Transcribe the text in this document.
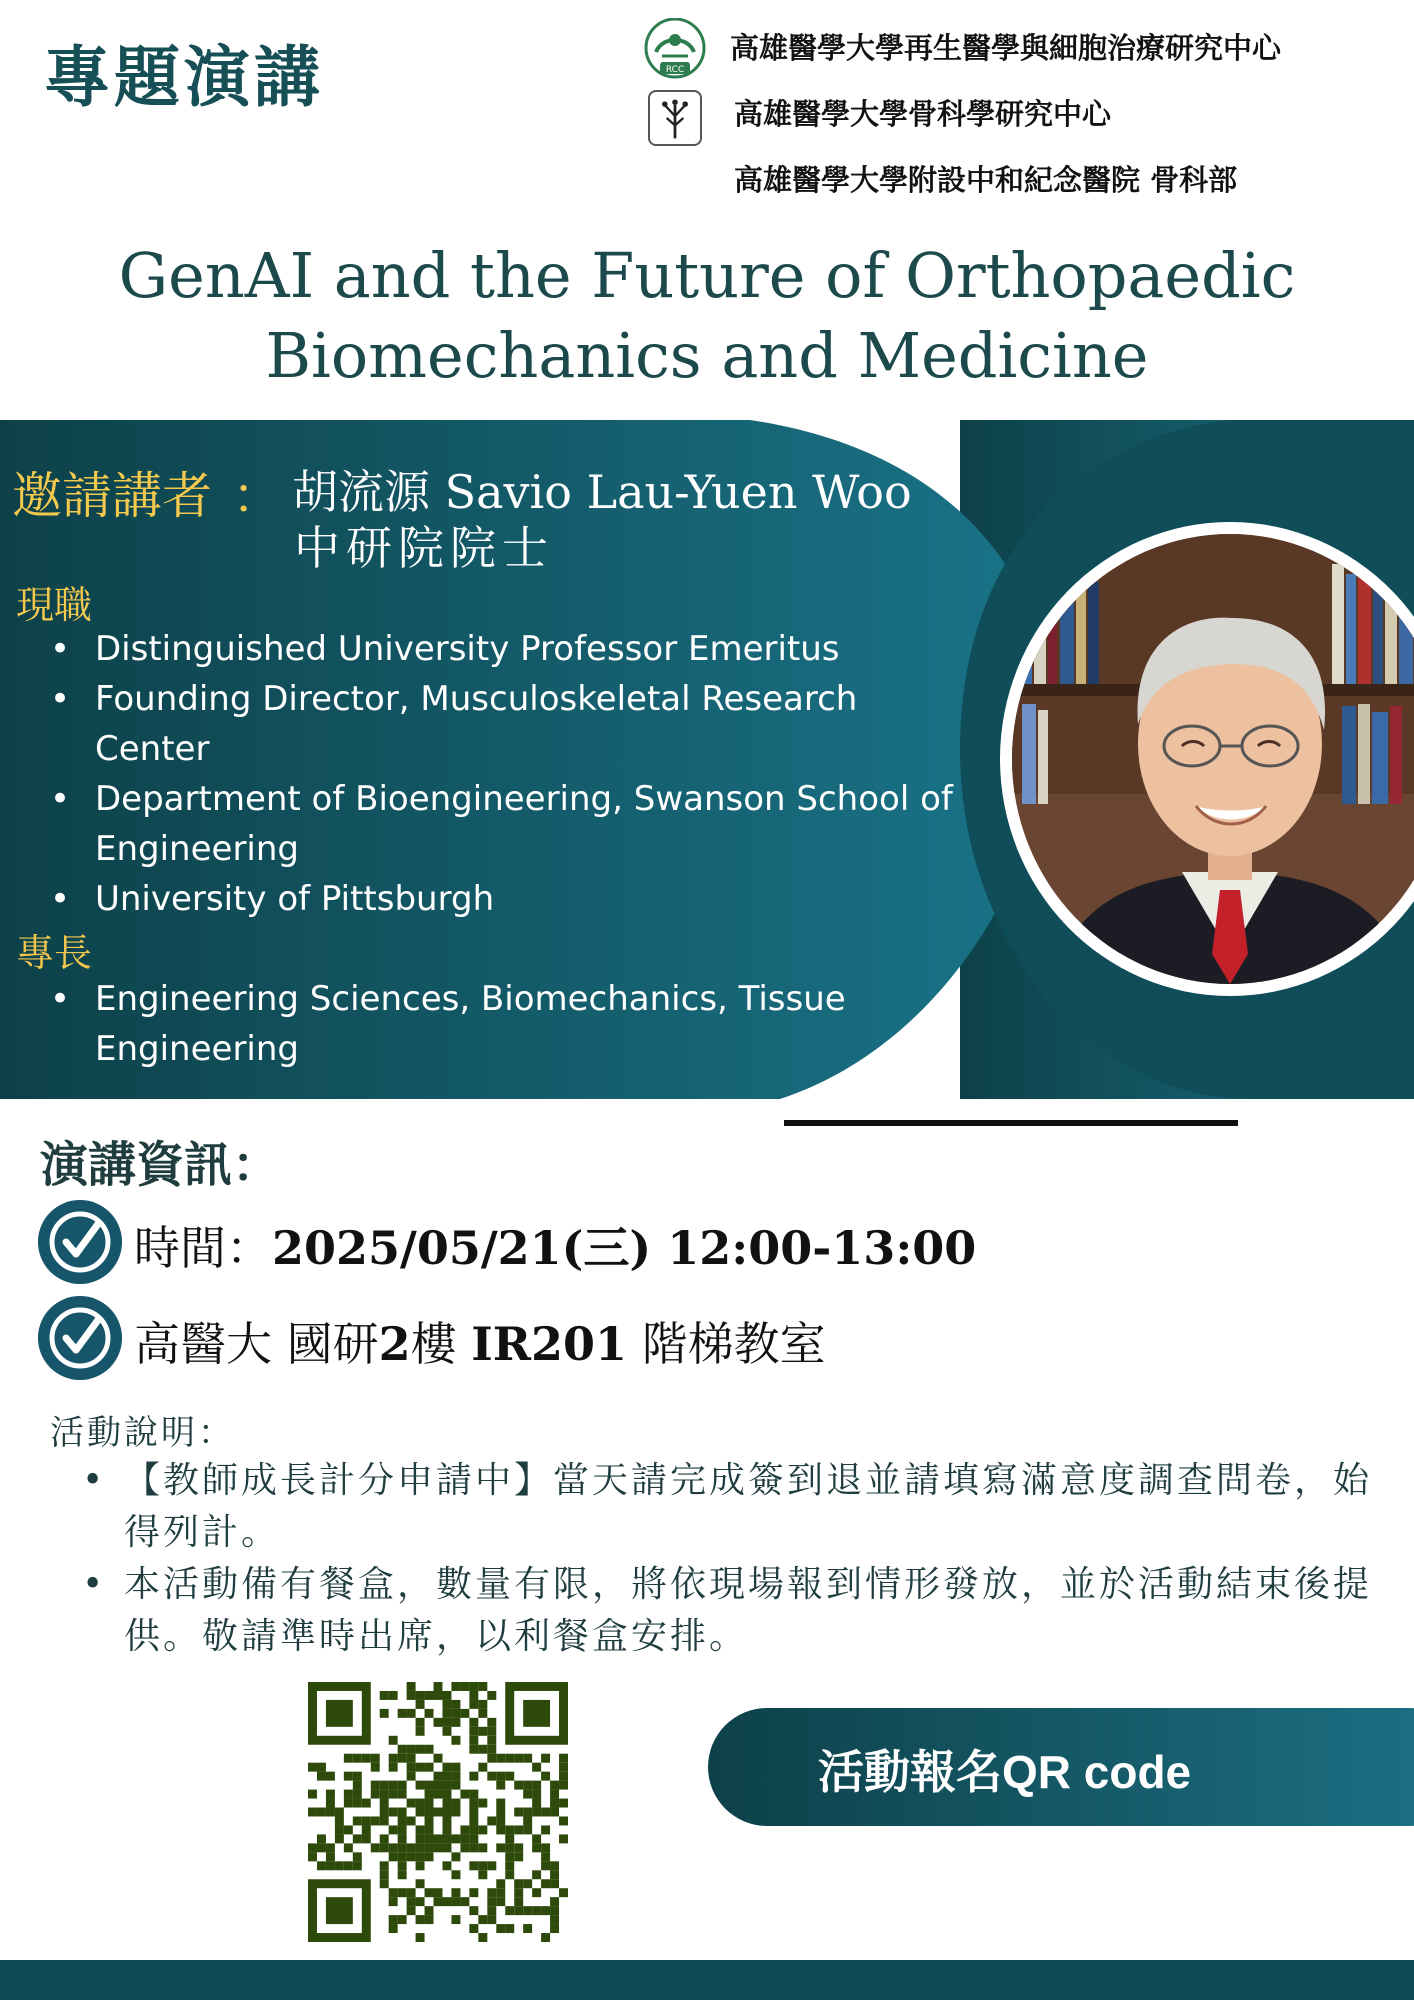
專題演講	RCC
高雄醫學大學再生醫學與細胞治療研究中心
高雄醫學大學骨科學研究中心
高雄醫學大學附設中和紀念醫院 骨科部
GenAI and the Future of Orthopaedic
Biomechanics and Medicine
邀請講者 ： 胡流源 Savio Lau-Yuen Woo
中研院院士
現職
• Distinguished University Professor Emeritus
• Founding Director, Musculoskeletal Research Center
• Department of Bioengineering, Swanson School of Engineering
• University of Pittsburgh
專長
• Engineering Sciences, Biomechanics, Tissue Engineering
演講資訊：
時間：2025/05/21(三) 12:00-13:00
高醫大 國研2樓 IR201 階梯教室
活動說明：
• 【教師成長計分申請中】當天請完成簽到退並請填寫滿意度調查問卷，始得列計。
• 本活動備有餐盒，數量有限，將依現場報到情形發放，並於活動結束後提供。敬請準時出席，以利餐盒安排。
活動報名QR code
